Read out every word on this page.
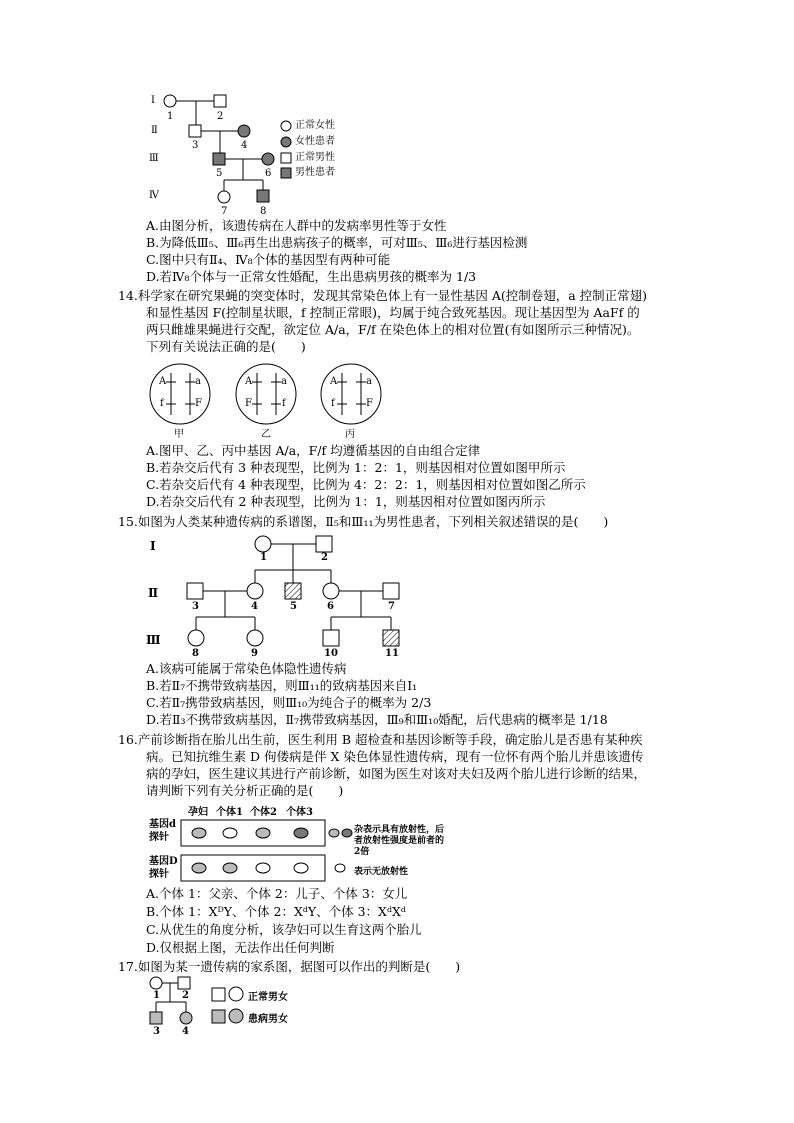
I
Ⅱ
Ⅲ
Ⅳ
1	2
3	4
5	6
7	8
正常女性
女性患者
正常男性
男性患者
A.由图分析，该遗传病在人群中的发病率男性等于女性
B.为降低Ⅲ₅、Ⅲ₆再生出患病孩子的概率，可对Ⅲ₅、Ⅲ₆进行基因检测
C.图中只有Ⅱ₄、Ⅳ₈个体的基因型有两种可能
D.若Ⅳ₈个体与一正常女性婚配，生出患病男孩的概率为 1/3
14.科学家在研究果蝇的突变体时，发现其常染色体上有一显性基因 A(控制卷翅，a 控制正常翅)
和显性基因 F(控制星状眼，f 控制正常眼)，均属于纯合致死基因。现让基因型为 AaFf 的
两只雌雄果蝇进行交配，欲定位 A/a，F/f 在染色体上的相对位置(有如图所示三种情况)。
下列有关说法正确的是(　　)
A	a
f	F
甲
A	a
F	f
乙
A	a
f	F
丙
A.图甲、乙、丙中基因 A/a，F/f 均遵循基因的自由组合定律
B.若杂交后代有 3 种表现型，比例为 1：2：1，则基因相对位置如图甲所示
C.若杂交后代有 4 种表现型，比例为 4：2：2：1，则基因相对位置如图乙所示
D.若杂交后代有 2 种表现型，比例为 1：1，则基因相对位置如图丙所示
15.如图为人类某种遗传病的系谱图，Ⅱ₅和Ⅲ₁₁为男性患者，下列相关叙述错误的是(　　)
Ⅰ
Ⅱ
Ⅲ
1	2
3	4	5	6	7
8	9	10	11
A.该病可能属于常染色体隐性遗传病
B.若Ⅱ₇不携带致病基因，则Ⅲ₁₁的致病基因来自Ⅰ₁
C.若Ⅱ₇携带致病基因，则Ⅲ₁₀为纯合子的概率为 2/3
D.若Ⅱ₃不携带致病基因，Ⅱ₇携带致病基因，Ⅲ₉和Ⅲ₁₀婚配，后代患病的概率是 1/18
16.产前诊断指在胎儿出生前，医生利用 B 超检查和基因诊断等手段，确定胎儿是否患有某种疾
病。已知抗维生素 D 佝偻病是伴 X 染色体显性遗传病，现有一位怀有两个胎儿并患该遗传
病的孕妇，医生建议其进行产前诊断，如图为医生对该对夫妇及两个胎儿进行诊断的结果，
请判断下列有关分析正确的是(　　)
孕妇 个体1 个体2 个体3
基因d探针
基因D探针
杂表示具有放射性，后者放射性强度是前者的2倍
表示无放射性
A.个体 1：父亲、个体 2：儿子、个体 3：女儿
B.个体 1：XᴰY、个体 2：XᵈY、个体 3：XᵈXᵈ
C.从优生的角度分析，该孕妇可以生育这两个胎儿
D.仅根据上图，无法作出任何判断
17.如图为某一遗传病的家系图，据图可以作出的判断是(　　)
1 2
3 4
正常男女
患病男女
